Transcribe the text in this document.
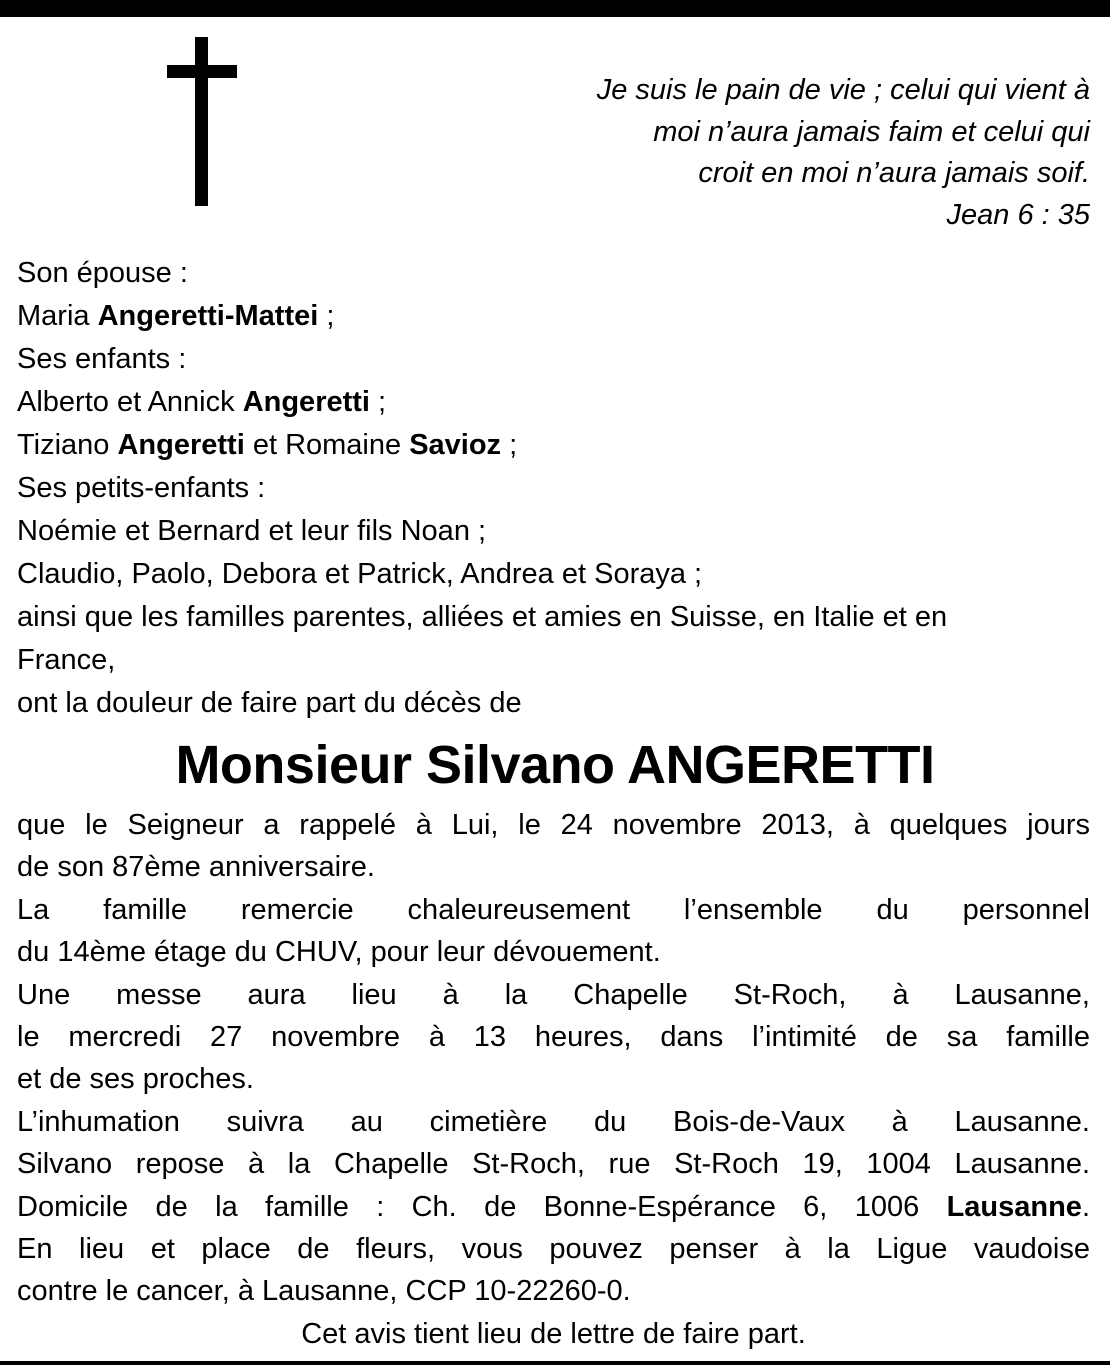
Je suis le pain de vie ; celui qui vient à
moi n’aura jamais faim et celui qui
croit en moi n’aura jamais soif.
Jean 6 : 35
Son épouse :
Maria Angeretti-Mattei ;
Ses enfants :
Alberto et Annick Angeretti ;
Tiziano Angeretti et Romaine Savioz ;
Ses petits-enfants :
Noémie et Bernard et leur fils Noan ;
Claudio, Paolo, Debora et Patrick, Andrea et Soraya ;
ainsi que les familles parentes, alliées et amies en Suisse, en Italie et en
France,
ont la douleur de faire part du décès de
Monsieur Silvano ANGERETTI
que le Seigneur a rappelé à Lui, le 24 novembre 2013, à quelques jours
de son 87ème anniversaire.
La famille remercie chaleureusement l’ensemble du personnel
du 14ème étage du CHUV, pour leur dévouement.
Une messe aura lieu à la Chapelle St-Roch, à Lausanne,
le mercredi 27 novembre à 13 heures, dans l’intimité de sa famille
et de ses proches.
L’inhumation suivra au cimetière du Bois-de-Vaux à Lausanne.
Silvano repose à la Chapelle St-Roch, rue St-Roch 19, 1004 Lausanne.
Domicile de la famille : Ch. de Bonne-Espérance 6, 1006 Lausanne.
En lieu et place de fleurs, vous pouvez penser à la Ligue vaudoise
contre le cancer, à Lausanne, CCP 10-22260-0.
Cet avis tient lieu de lettre de faire part.
